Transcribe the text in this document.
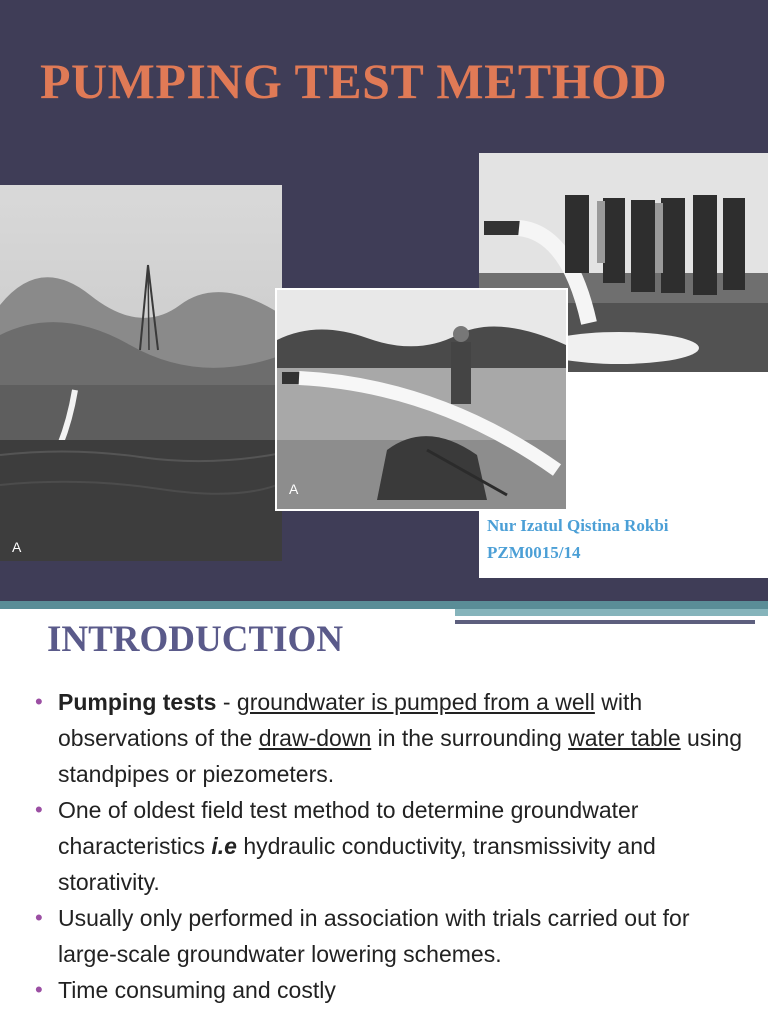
PUMPING TEST METHOD
A
A
Nur Izatul Qistina Rokbi
PZM0015/14
INTRODUCTION
• Pumping tests - groundwater is pumped from a well with observations of the draw-down in the surrounding water table using standpipes or piezometers.
• One of oldest field test method to determine groundwater characteristics i.e hydraulic conductivity, transmissivity and storativity.
• Usually only performed in association with trials carried out for large-scale groundwater lowering schemes.
• Time consuming and costly
